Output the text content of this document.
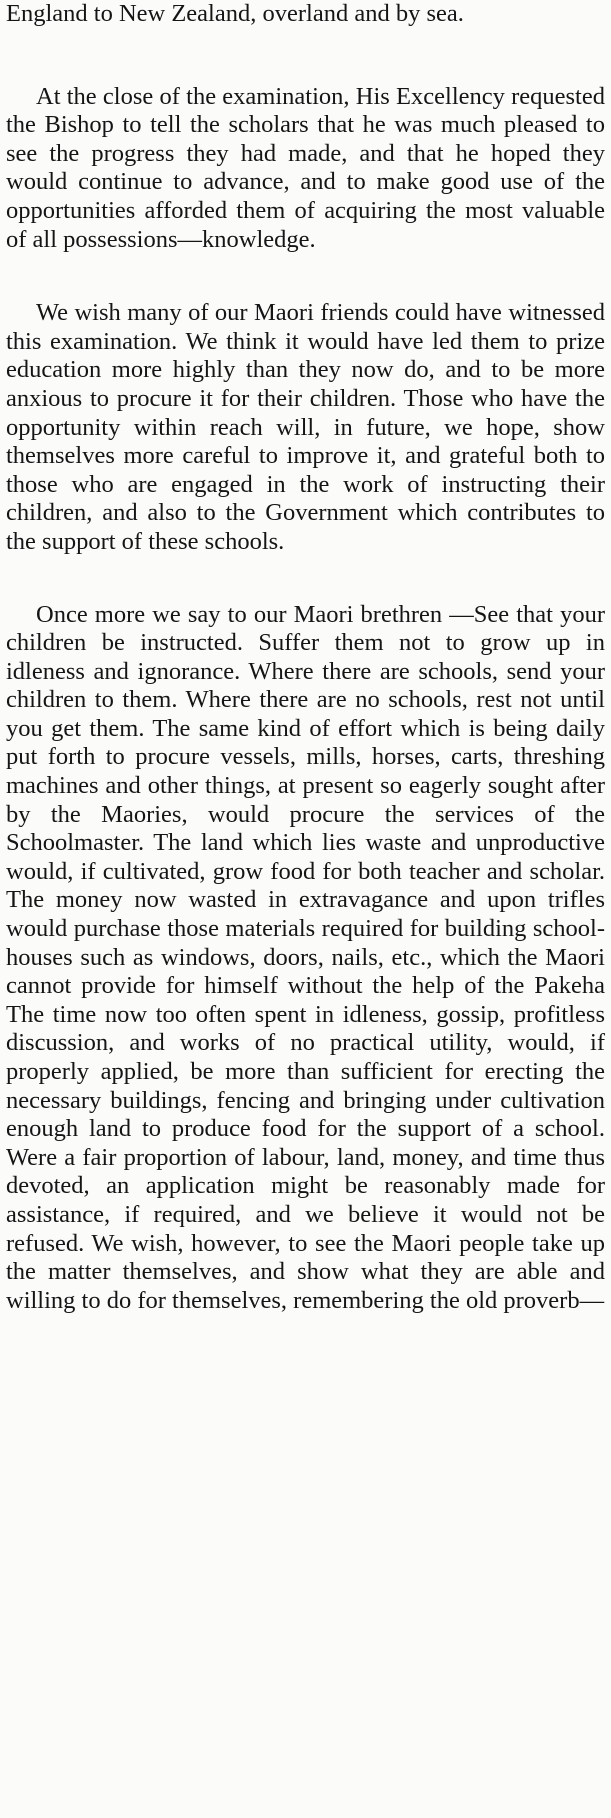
England to New Zealand, overland and by sea.

At the close of the examination, His Excellency requested the Bishop to tell the scholars that he was much pleased to see the progress they had made, and that he hoped they would continue to advance, and to make good use of the opportunities afforded them of acquiring the most valuable of all possessions—knowledge.

We wish many of our Maori friends could have witnessed this examination. We think it would have led them to prize education more highly than they now do, and to be more anxious to procure it for their children. Those who have the opportunity within reach will, in future, we hope, show themselves more careful to improve it, and grateful both to those who are engaged in the work of instructing their children, and also to the Government which contributes to the support of these schools.

Once more we say to our Maori brethren —See that your children be instructed. Suffer them not to grow up in idleness and ignorance. Where there are schools, send your children to them. Where there are no schools, rest not until you get them. The same kind of effort which is being daily put forth to procure vessels, mills, horses, carts, threshing machines and other things, at present so eagerly sought after by the Maories, would procure the services of the Schoolmaster. The land which lies waste and unproductive would, if cultivated, grow food for both teacher and scholar. The money now wasted in extravagance and upon trifles would purchase those materials required for building school-houses such as windows, doors, nails, etc., which the Maori cannot provide for himself without the help of the Pakeha The time now too often spent in idleness, gossip, profitless discussion, and works of no practical utility, would, if properly applied, be more than sufficient for erecting the necessary buildings, fencing and bringing under cultivation enough land to produce food for the support of a school. Were a fair proportion of labour, land, money, and time thus devoted, an application might be reasonably made for assistance, if required, and we believe it would not be refused. We wish, however, to see the Maori people take up the matter themselves, and show what they are able and willing to do for themselves, remembering the old proverb—
